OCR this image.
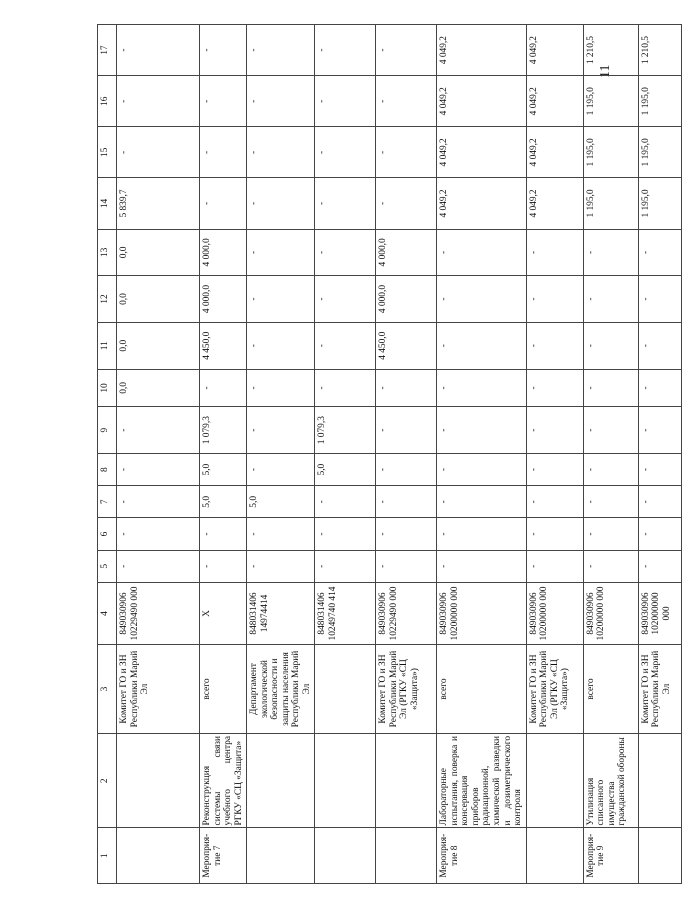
11
1	2	3	4	5	6	7	8	9	10	11	12	13	14	15	16	17
		Комитет ГО и ЗН Республики Марий Эл	849030906 10229490 000	-	-	-	-	-	0,0	0,0	0,0	0,0	5 839,7	-	-	-
Мероприя-тие 7	Реконструкция системы связи учебного центра РГКУ «СЦ «Защита»	всего	X	-	-	5,0	5,0	1 079,3	-	4 450,0	4 000,0	4 000,0	-	-	-	-
		Департамент экологической безопасности и защиты населения Республики Марий Эл	848031406 14974414	-	-	5,0	-	-	-	-	-	-	-	-	-	-
			848031406 10249740 414	-	-	-	5,0	1 079,3	-	-	-	-	-	-	-	-
		Комитет ГО и ЗН Республики Марий Эл (РГКУ «СЦ «Защита»)	849030906 10229490 000	-	-	-	-	-	-	4 450,0	4 000,0	4 000,0	-	-	-	-
Мероприя-тие 8	Лабораторные испытания, поверка и консервация приборов радиационной, химической разведки и дозиметрического контроля	всего	849030906 10200000 000	-	-	-	-	-	-	-	-	-	4 049,2	4 049,2	4 049,2	4 049,2
		Комитет ГО и ЗН Республики Марий Эл (РГКУ «СЦ «Защита»)	849030906 10200000 000	-	-	-	-	-	-	-	-	-	4 049,2	4 049,2	4 049,2	4 049,2
Мероприя-тие 9	Утилизация списанного имущества гражданской обороны	всего	849030906 10200000 000	-	-	-	-	-	-	-	-	-	1 195,0	1 195,0	1 195,0	1 210,5
		Комитет ГО и ЗН Республики Марий Эл	849030906 102000000 000	-	-	-	-	-	-	-	-	-	1 195,0	1 195,0	1 195,0	1 210,5
